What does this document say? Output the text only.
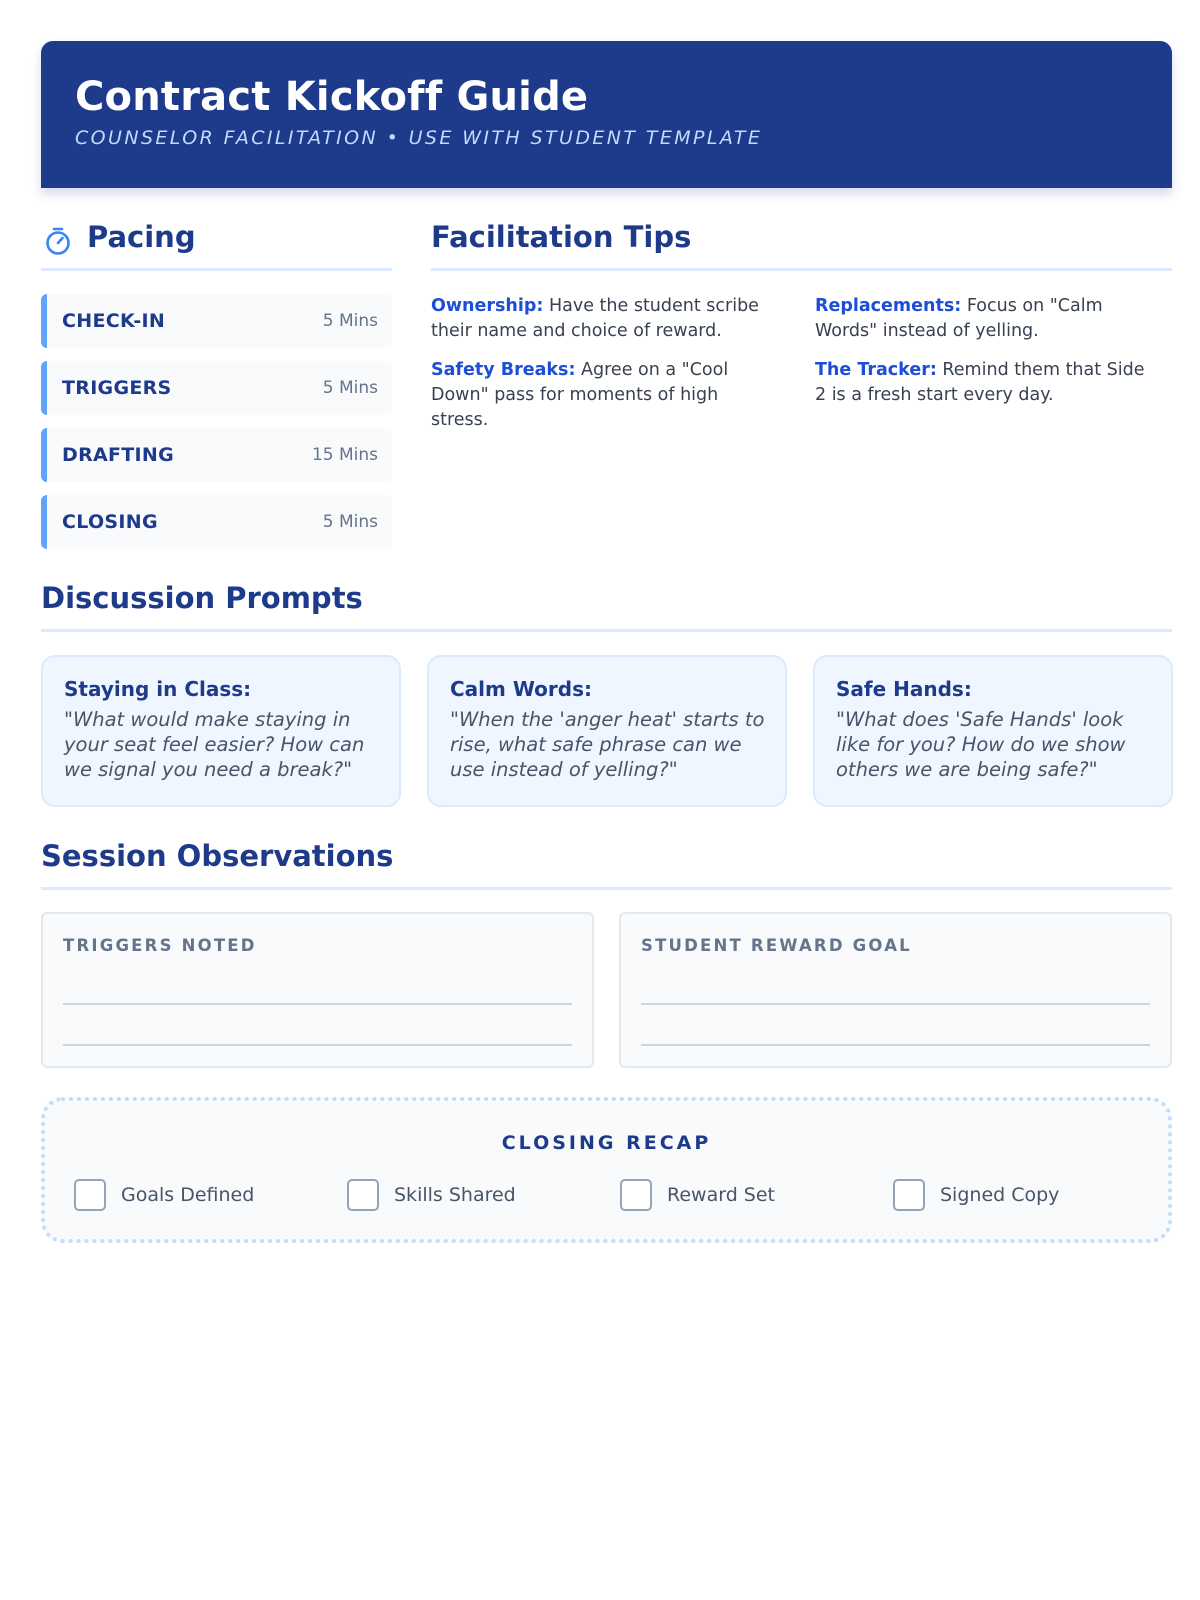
Contract Kickoff Guide
COUNSELOR FACILITATION • USE WITH STUDENT TEMPLATE
Pacing
CHECK-IN	5 Mins
TRIGGERS	5 Mins
DRAFTING	15 Mins
CLOSING	5 Mins
Facilitation Tips
Ownership: Have the student scribe their name and choice of reward.
Replacements: Focus on "Calm Words" instead of yelling.
Safety Breaks: Agree on a "Cool Down" pass for moments of high stress.
The Tracker: Remind them that Side 2 is a fresh start every day.
Discussion Prompts
Staying in Class:
"What would make staying in your seat feel easier? How can we signal you need a break?"
Calm Words:
"When the 'anger heat' starts to rise, what safe phrase can we use instead of yelling?"
Safe Hands:
"What does 'Safe Hands' look like for you? How do we show others we are being safe?"
Session Observations
TRIGGERS NOTED	STUDENT REWARD GOAL
CLOSING RECAP
Goals Defined	Skills Shared	Reward Set	Signed Copy
